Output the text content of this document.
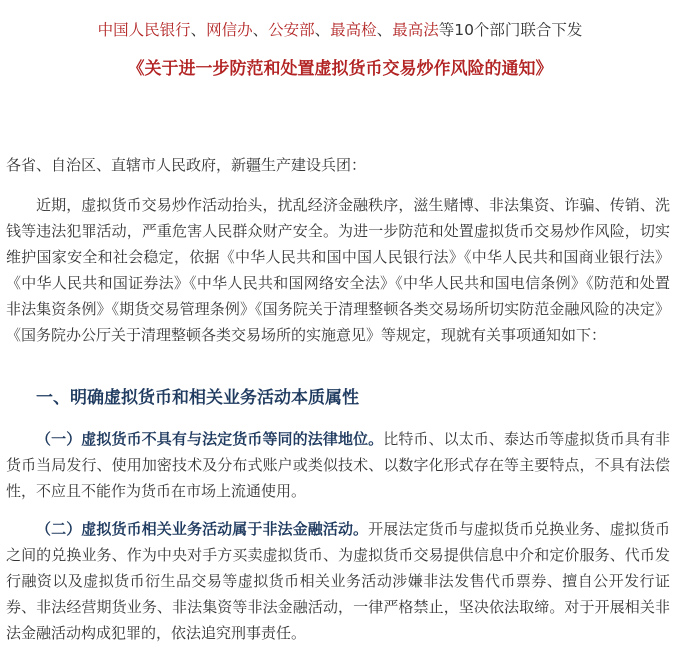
中国人民银行、网信办、公安部、最高检、最高法等10个部门联合下发
《关于进一步防范和处置虚拟货币交易炒作风险的通知》
各省、自治区、直辖市人民政府，新疆生产建设兵团：

近期，虚拟货币交易炒作活动抬头，扰乱经济金融秩序，滋生赌博、非法集资、诈骗、传销、洗钱等违法犯罪活动，严重危害人民群众财产安全。为进一步防范和处置虚拟货币交易炒作风险，切实维护国家安全和社会稳定，依据《中华人民共和国中国人民银行法》《中华人民共和国商业银行法》《中华人民共和国证券法》《中华人民共和国网络安全法》《中华人民共和国电信条例》《防范和处置非法集资条例》《期货交易管理条例》《国务院关于清理整顿各类交易场所切实防范金融风险的决定》《国务院办公厅关于清理整顿各类交易场所的实施意见》等规定，现就有关事项通知如下：

一、明确虚拟货币和相关业务活动本质属性

（一）虚拟货币不具有与法定货币等同的法律地位。比特币、以太币、泰达币等虚拟货币具有非货币当局发行、使用加密技术及分布式账户或类似技术、以数字化形式存在等主要特点，不具有法偿性，不应且不能作为货币在市场上流通使用。

（二）虚拟货币相关业务活动属于非法金融活动。开展法定货币与虚拟货币兑换业务、虚拟货币之间的兑换业务、作为中央对手方买卖虚拟货币、为虚拟货币交易提供信息中介和定价服务、代币发行融资以及虚拟货币衍生品交易等虚拟货币相关业务活动涉嫌非法发售代币票券、擅自公开发行证券、非法经营期货业务、非法集资等非法金融活动，一律严格禁止，坚决依法取缔。对于开展相关非法金融活动构成犯罪的，依法追究刑事责任。
